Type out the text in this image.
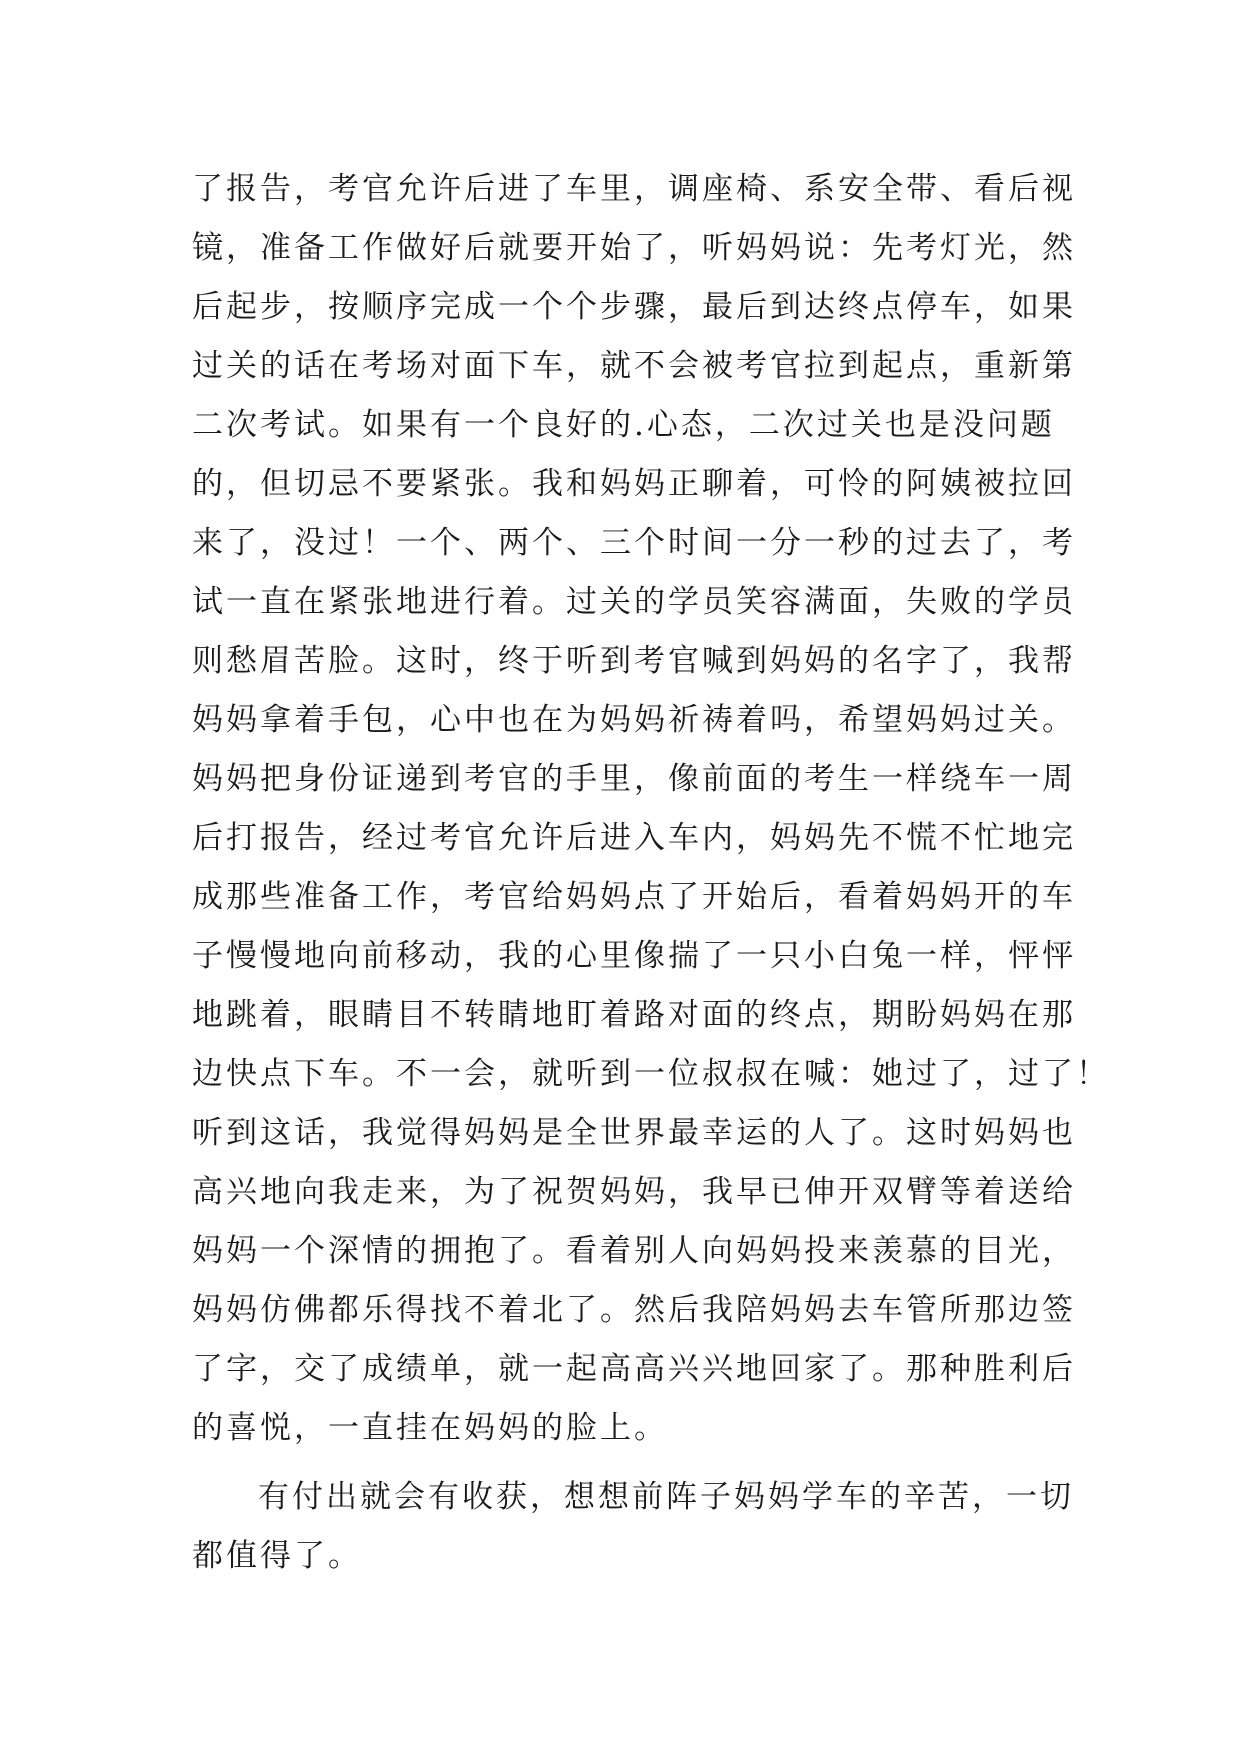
了报告，考官允许后进了车里，调座椅、系安全带、看后视
镜，准备工作做好后就要开始了，听妈妈说：先考灯光，然
后起步，按顺序完成一个个步骤，最后到达终点停车，如果
过关的话在考场对面下车，就不会被考官拉到起点，重新第
二次考试。如果有一个良好的.心态，二次过关也是没问题
的，但切忌不要紧张。我和妈妈正聊着，可怜的阿姨被拉回
来了，没过！一个、两个、三个时间一分一秒的过去了，考
试一直在紧张地进行着。过关的学员笑容满面，失败的学员
则愁眉苦脸。这时，终于听到考官喊到妈妈的名字了，我帮
妈妈拿着手包，心中也在为妈妈祈祷着吗，希望妈妈过关。
妈妈把身份证递到考官的手里，像前面的考生一样绕车一周
后打报告，经过考官允许后进入车内，妈妈先不慌不忙地完
成那些准备工作，考官给妈妈点了开始后，看着妈妈开的车
子慢慢地向前移动，我的心里像揣了一只小白兔一样，怦怦
地跳着，眼睛目不转睛地盯着路对面的终点，期盼妈妈在那
边快点下车。不一会，就听到一位叔叔在喊：她过了，过了！
听到这话，我觉得妈妈是全世界最幸运的人了。这时妈妈也
高兴地向我走来，为了祝贺妈妈，我早已伸开双臂等着送给
妈妈一个深情的拥抱了。看着别人向妈妈投来羡慕的目光，
妈妈仿佛都乐得找不着北了。然后我陪妈妈去车管所那边签
了字，交了成绩单，就一起高高兴兴地回家了。那种胜利后
的喜悦，一直挂在妈妈的脸上。
有付出就会有收获，想想前阵子妈妈学车的辛苦，一切
都值得了。
